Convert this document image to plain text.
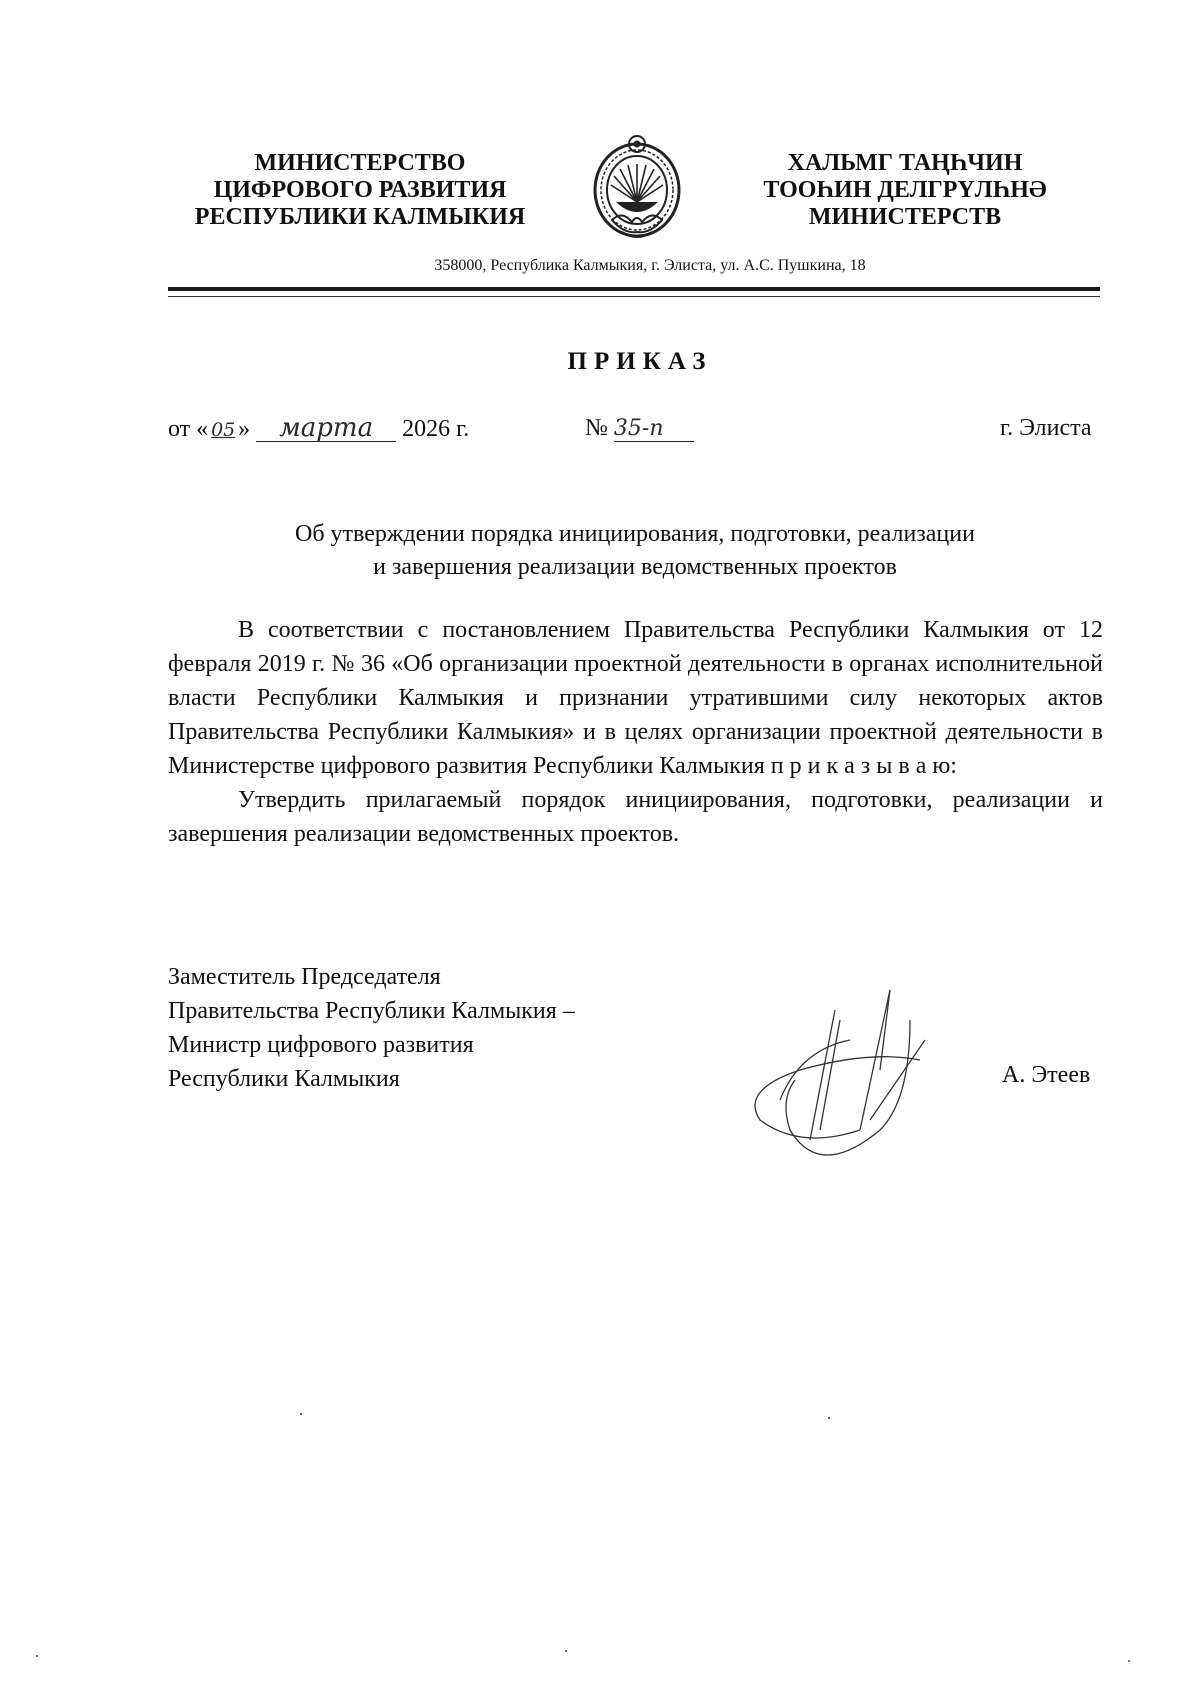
МИНИСТЕРСТВО
ЦИФРОВОГО РАЗВИТИЯ
РЕСПУБЛИКИ КАЛМЫКИЯ
ХАЛЬМГ ТАҢҺЧИН
ТООҺИН ДЕЛГРYЛҺНӘ
МИНИСТЕРСТВ
358000, Республика Калмыкия, г. Элиста, ул. А.С. Пушкина, 18
ПРИКАЗ
от « 05 » марта 2026 г.	№ 35-п	г. Элиста
Об утверждении порядка инициирования, подготовки, реализации
и завершения реализации ведомственных проектов

В соответствии с постановлением Правительства Республики Калмыкия от 12 февраля 2019 г. № 36 «Об организации проектной деятельности в органах исполнительной власти Республики Калмыкия и признании утратившими силу некоторых актов Правительства Республики Калмыкия» и в целях организации проектной деятельности в Министерстве цифрового развития Республики Калмыкия п р и к а з ы в а ю:

Утвердить прилагаемый порядок инициирования, подготовки, реализации и завершения реализации ведомственных проектов.

Заместитель Председателя
Правительства Республики Калмыкия –
Министр цифрового развития
Республики Калмыкия	А. Этеев
